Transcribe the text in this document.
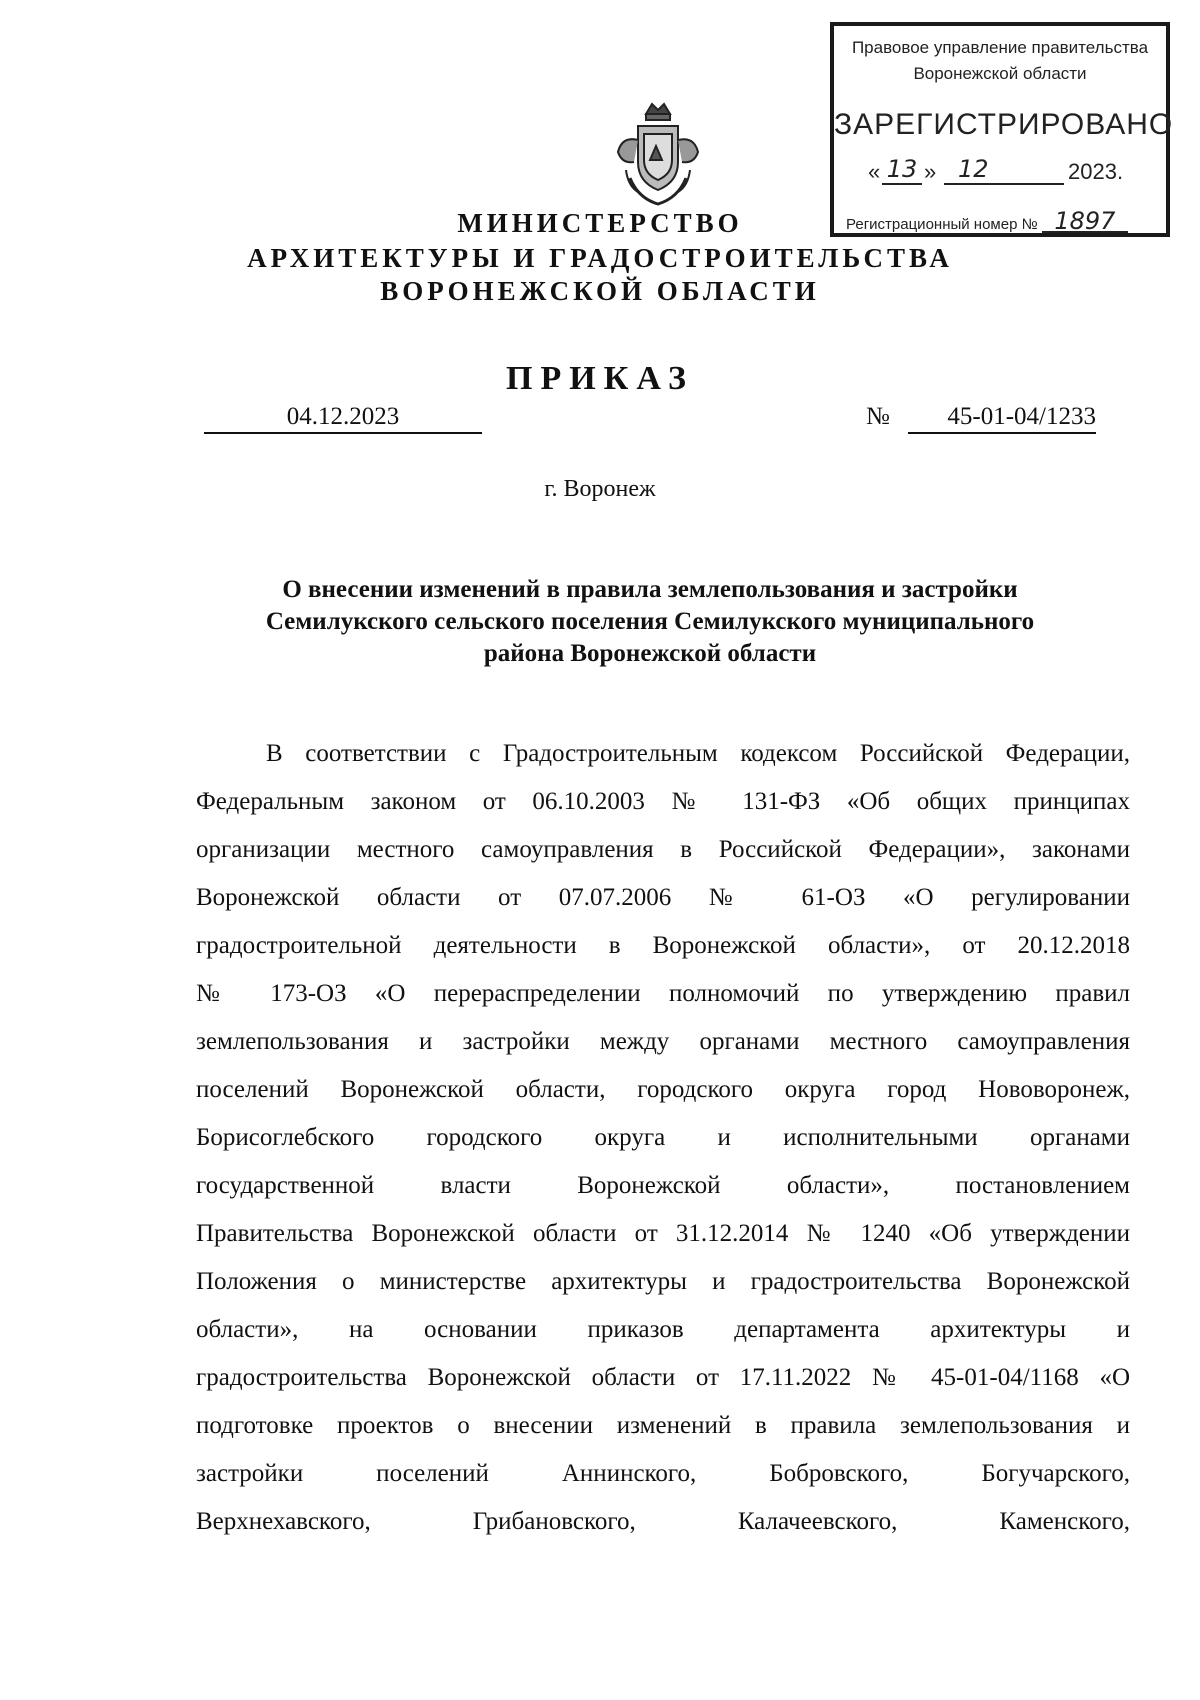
Правовое управление правительства
Воронежской области
ЗАРЕГИСТРИРОВАНО
« 13 » 12	2023.
Регистрационный номер № 1897
МИНИСТЕРСТВО
АРХИТЕКТУРЫ И ГРАДОСТРОИТЕЛЬСТВА
ВОРОНЕЖСКОЙ ОБЛАСТИ
ПРИКАЗ
04.12.2023	№	45-01-04/1233
г. Воронеж
О внесении изменений в правила землепользования и застройки
Семилукского сельского поселения Семилукского муниципального
района Воронежской области
В соответствии с Градостроительным кодексом Российской Федерации,
Федеральным законом от 06.10.2003 № 131-ФЗ «Об общих принципах
организации местного самоуправления в Российской Федерации», законами
Воронежской области от 07.07.2006 № 61-ОЗ «О регулировании
градостроительной деятельности в Воронежской области», от 20.12.2018
№ 173-ОЗ «О перераспределении полномочий по утверждению правил
землепользования и застройки между органами местного самоуправления
поселений Воронежской области, городского округа город Нововоронеж,
Борисоглебского городского округа и исполнительными органами
государственной власти Воронежской области», постановлением
Правительства Воронежской области от 31.12.2014 № 1240 «Об утверждении
Положения о министерстве архитектуры и градостроительства Воронежской
области», на основании приказов департамента архитектуры и
градостроительства Воронежской области от 17.11.2022 № 45-01-04/1168 «О
подготовке проектов о внесении изменений в правила землепользования и
застройки поселений Аннинского, Бобровского, Богучарского,
Верхнехавского, Грибановского, Калачеевского, Каменского,
